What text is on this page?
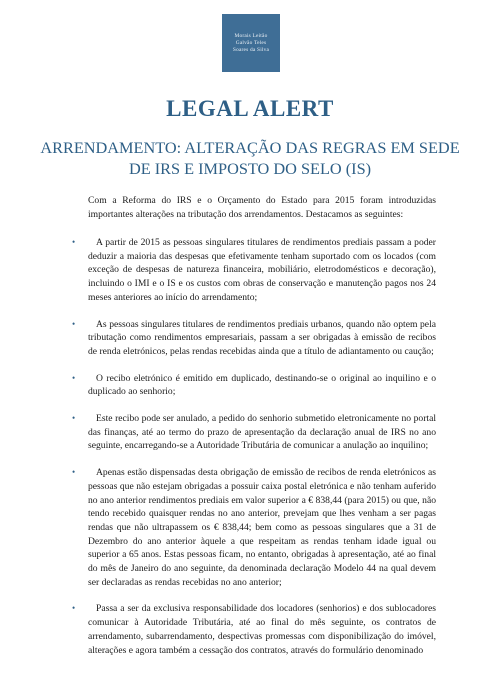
Morais Leitão
Galvão Teles
Soares da Silva
LEGAL ALERT
ARRENDAMENTO: ALTERAÇÃO DAS REGRAS EM SEDE DE IRS E IMPOSTO DO SELO (IS)

Com a Reforma do IRS e o Orçamento do Estado para 2015 foram introduzidas importantes alterações na tributação dos arrendamentos. Destacamos as seguintes:

•	A partir de 2015 as pessoas singulares titulares de rendimentos prediais passam a poder deduzir a maioria das despesas que efetivamente tenham suportado com os locados (com exceção de despesas de natureza financeira, mobiliário, eletrodomésticos e decoração), incluindo o IMI e o IS e os custos com obras de conservação e manutenção pagos nos 24 meses anteriores ao início do arrendamento;
•	As pessoas singulares titulares de rendimentos prediais urbanos, quando não optem pela tributação como rendimentos empresariais, passam a ser obrigadas à emissão de recibos de renda eletrónicos, pelas rendas recebidas ainda que a título de adiantamento ou caução;
•	O recibo eletrónico é emitido em duplicado, destinando-se o original ao inquilino e o duplicado ao senhorio;
•	Este recibo pode ser anulado, a pedido do senhorio submetido eletronicamente no portal das finanças, até ao termo do prazo de apresentação da declaração anual de IRS no ano seguinte, encarregando-se a Autoridade Tributária de comunicar a anulação ao inquilino;
•	Apenas estão dispensadas desta obrigação de emissão de recibos de renda eletrónicos as pessoas que não estejam obrigadas a possuir caixa postal eletrónica e não tenham auferido no ano anterior rendimentos prediais em valor superior a € 838,44 (para 2015) ou que, não tendo recebido quaisquer rendas no ano anterior, prevejam que lhes venham a ser pagas rendas que não ultrapassem os € 838,44; bem como as pessoas singulares que a 31 de Dezembro do ano anterior àquele a que respeitam as rendas tenham idade igual ou superior a 65 anos. Estas pessoas ficam, no entanto, obrigadas à apresentação, até ao final do mês de Janeiro do ano seguinte, da denominada declaração Modelo 44 na qual devem ser declaradas as rendas recebidas no ano anterior;
•	Passa a ser da exclusiva responsabilidade dos locadores (senhorios) e dos sublocadores comunicar à Autoridade Tributária, até ao final do mês seguinte, os contratos de arrendamento, subarrendamento, despectivas promessas com disponibilização do imóvel, alterações e agora também a cessação dos contratos, através do formulário denominado
